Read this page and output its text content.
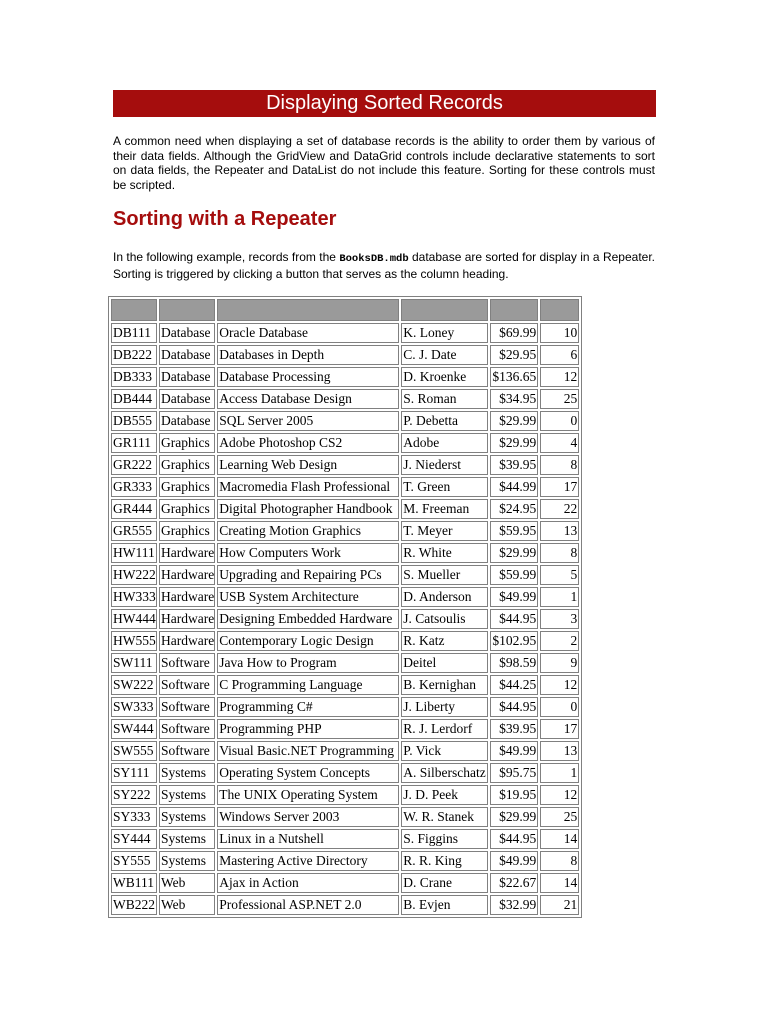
Displaying Sorted Records

A common need when displaying a set of database records is the ability to order them by various of their data fields. Although the GridView and DataGrid controls include declarative statements to sort on data fields, the Repeater and DataList do not include this feature. Sorting for these controls must be scripted.

Sorting with a Repeater

In the following example, records from the BooksDB.mdb database are sorted for display in a Repeater. Sorting is triggered by clicking a button that serves as the column heading.

DB111	Database	Oracle Database	K. Loney	$69.99	10
DB222	Database	Databases in Depth	C. J. Date	$29.95	6
DB333	Database	Database Processing	D. Kroenke	$136.65	12
DB444	Database	Access Database Design	S. Roman	$34.95	25
DB555	Database	SQL Server 2005	P. Debetta	$29.99	0
GR111	Graphics	Adobe Photoshop CS2	Adobe	$29.99	4
GR222	Graphics	Learning Web Design	J. Niederst	$39.95	8
GR333	Graphics	Macromedia Flash Professional	T. Green	$44.99	17
GR444	Graphics	Digital Photographer Handbook	M. Freeman	$24.95	22
GR555	Graphics	Creating Motion Graphics	T. Meyer	$59.95	13
HW111	Hardware	How Computers Work	R. White	$29.99	8
HW222	Hardware	Upgrading and Repairing PCs	S. Mueller	$59.99	5
HW333	Hardware	USB System Architecture	D. Anderson	$49.99	1
HW444	Hardware	Designing Embedded Hardware	J. Catsoulis	$44.95	3
HW555	Hardware	Contemporary Logic Design	R. Katz	$102.95	2
SW111	Software	Java How to Program	Deitel	$98.59	9
SW222	Software	C Programming Language	B. Kernighan	$44.25	12
SW333	Software	Programming C#	J. Liberty	$44.95	0
SW444	Software	Programming PHP	R. J. Lerdorf	$39.95	17
SW555	Software	Visual Basic.NET Programming	P. Vick	$49.99	13
SY111	Systems	Operating System Concepts	A. Silberschatz	$95.75	1
SY222	Systems	The UNIX Operating System	J. D. Peek	$19.95	12
SY333	Systems	Windows Server 2003	W. R. Stanek	$29.99	25
SY444	Systems	Linux in a Nutshell	S. Figgins	$44.95	14
SY555	Systems	Mastering Active Directory	R. R. King	$49.99	8
WB111	Web	Ajax in Action	D. Crane	$22.67	14
WB222	Web	Professional ASP.NET 2.0	B. Evjen	$32.99	21
